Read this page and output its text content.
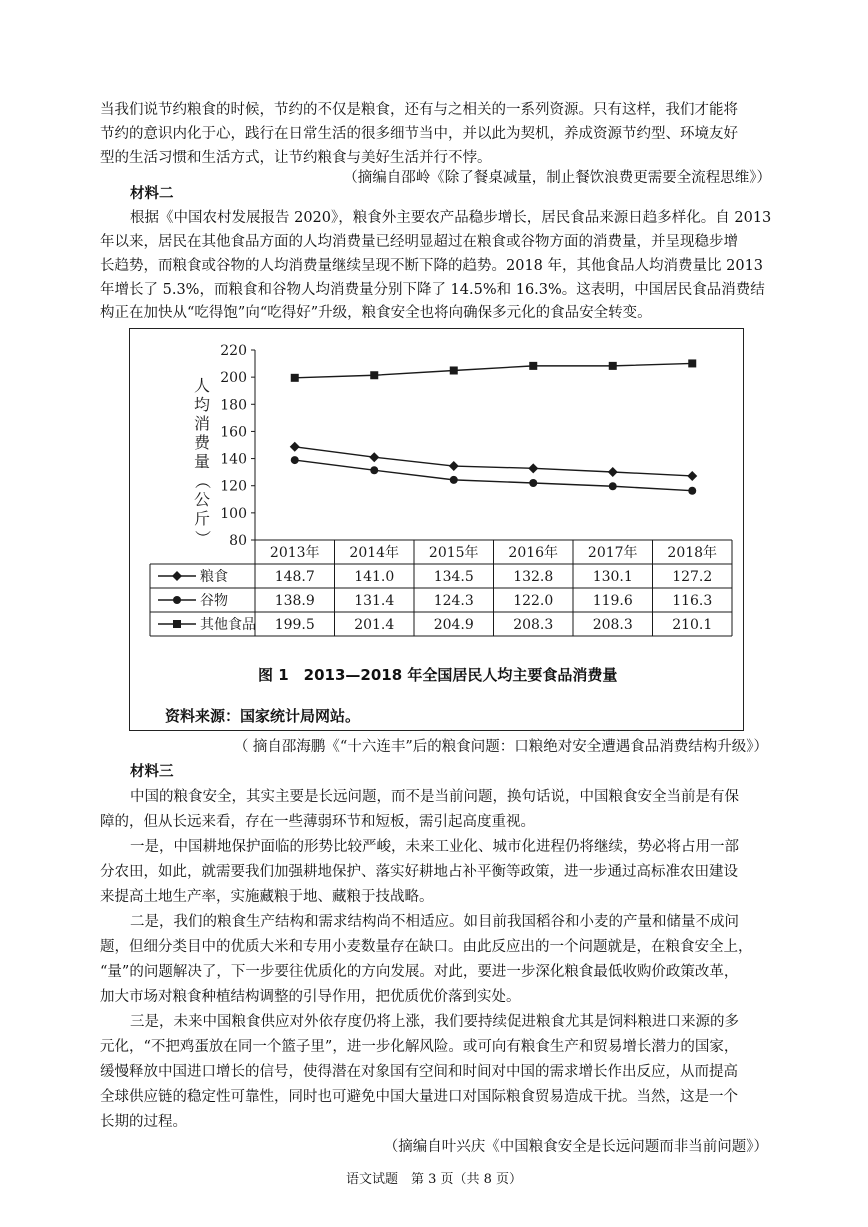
当我们说节约粮食的时候，节约的不仅是粮食，还有与之相关的一系列资源。只有这样，我们才能将
节约的意识内化于心，践行在日常生活的很多细节当中，并以此为契机，养成资源节约型、环境友好
型的生活习惯和生活方式，让节约粮食与美好生活并行不悖。
（摘编自邵岭《除了餐桌减量，制止餐饮浪费更需要全流程思维》）
材料二
根据《中国农村发展报告 2020》，粮食外主要农产品稳步增长，居民食品来源日趋多样化。自 2013
年以来，居民在其他食品方面的人均消费量已经明显超过在粮食或谷物方面的消费量，并呈现稳步增
长趋势，而粮食或谷物的人均消费量继续呈现不断下降的趋势。2018 年，其他食品人均消费量比 2013
年增长了 5.3%，而粮食和谷物人均消费量分别下降了 14.5%和 16.3%。这表明，中国居民食品消费结
220
200
180
160
140
120
100
80
人
均
消
费
量
（
公
斤
）
2013年 2014年 2015年 2016年 2017年 2018年
粮食	148.7	141.0	134.5	132.8	130.1	127.2
谷物	138.9	131.4	124.3	122.0	119.6	116.3
其他食品 199.5	201.4	204.9	208.3	208.3	210.1
图 1　2013—2018 年全国居民人均主要食品消费量
资料来源：国家统计局网站。
（ 摘自邵海鹏《“十六连丰”后的粮食问题：口粮绝对安全遭遇食品消费结构升级》）
材料三
中国的粮食安全，其实主要是长远问题，而不是当前问题，换句话说，中国粮食安全当前是有保
障的，但从长远来看，存在一些薄弱环节和短板，需引起高度重视。
一是，中国耕地保护面临的形势比较严峻，未来工业化、城市化进程仍将继续，势必将占用一部
分农田，如此，就需要我们加强耕地保护、落实好耕地占补平衡等政策，进一步通过高标准农田建设
来提高土地生产率，实施藏粮于地、藏粮于技战略。
二是，我们的粮食生产结构和需求结构尚不相适应。如目前我国稻谷和小麦的产量和储量不成问
题，但细分类目中的优质大米和专用小麦数量存在缺口。由此反应出的一个问题就是，在粮食安全上，
“量”的问题解决了，下一步要往优质化的方向发展。对此，要进一步深化粮食最低收购价政策改革，
加大市场对粮食种植结构调整的引导作用，把优质优价落到实处。
三是，未来中国粮食供应对外依存度仍将上涨，我们要持续促进粮食尤其是饲料粮进口来源的多
元化，“不把鸡蛋放在同一个篮子里”，进一步化解风险。或可向有粮食生产和贸易增长潜力的国家，
缓慢释放中国进口增长的信号，使得潜在对象国有空间和时间对中国的需求增长作出反应，从而提高
全球供应链的稳定性可靠性，同时也可避免中国大量进口对国际粮食贸易造成干扰。当然，这是一个
长期的过程。
（摘编自叶兴庆《中国粮食安全是长远问题而非当前问题》）
语文试题　第 3 页（共 8 页）
构正在加快从“吃得饱”向“吃得好”升级，粮食安全也将向确保多元化的食品安全转变。
